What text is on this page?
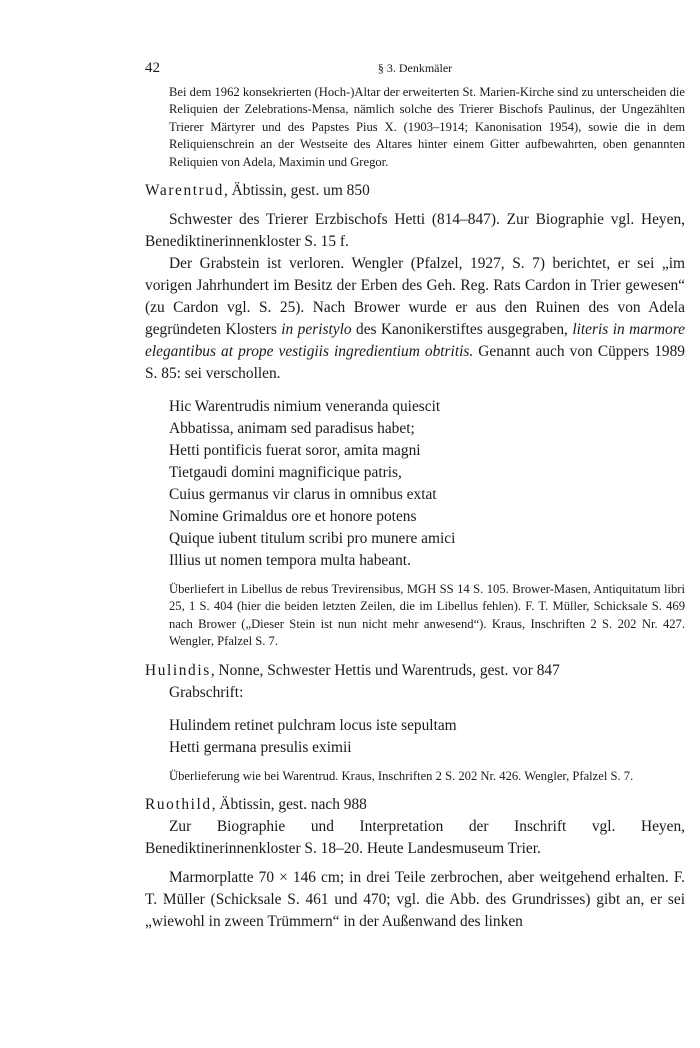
42	§ 3. Denkmäler

Bei dem 1962 konsekrierten (Hoch-)Altar der erweiterten St. Marien-Kirche sind zu unterscheiden die Reliquien der Zelebrations-Mensa, nämlich solche des Trierer Bischofs Paulinus, der Ungezählten Trierer Märtyrer und des Papstes Pius X. (1903–1914; Kanonisation 1954), sowie die in dem Reliquienschrein an der Westseite des Altares hinter einem Gitter aufbewahrten, oben genannten Reliquien von Adela, Maximin und Gregor.

Warentrud, Äbtissin, gest. um 850

Schwester des Trierer Erzbischofs Hetti (814–847). Zur Biographie vgl. Heyen, Benediktinerinnenkloster S. 15 f.

Der Grabstein ist verloren. Wengler (Pfalzel, 1927, S. 7) berichtet, er sei „im vorigen Jahrhundert im Besitz der Erben des Geh. Reg. Rats Cardon in Trier gewesen“ (zu Cardon vgl. S. 25). Nach Brower wurde er aus den Ruinen des von Adela gegründeten Klosters in peristylo des Kanonikerstiftes ausgegraben, literis in marmore elegantibus at prope vestigiis ingredientium obtritis. Genannt auch von Cüppers 1989 S. 85: sei verschollen.

Hic Warentrudis nimium veneranda quiescit
Abbatissa, animam sed paradisus habet;
Hetti pontificis fuerat soror, amita magni
Tietgaudi domini magnificique patris,
Cuius germanus vir clarus in omnibus extat
Nomine Grimaldus ore et honore potens
Quique iubent titulum scribi pro munere amici
Illius ut nomen tempora multa habeant.

Überliefert in Libellus de rebus Trevirensibus, MGH SS 14 S. 105. Brower-Masen, Antiquitatum libri 25, 1 S. 404 (hier die beiden letzten Zeilen, die im Libellus fehlen). F. T. Müller, Schicksale S. 469 nach Brower („Dieser Stein ist nun nicht mehr anwesend“). Kraus, Inschriften 2 S. 202 Nr. 427. Wengler, Pfalzel S. 7.

Hulindis, Nonne, Schwester Hettis und Warentruds, gest. vor 847
Grabschrift:
Hulindem retinet pulchram locus iste sepultam
Hetti germana presulis eximii

Überlieferung wie bei Warentrud. Kraus, Inschriften 2 S. 202 Nr. 426. Wengler, Pfalzel S. 7.

Ruothild, Äbtissin, gest. nach 988

Zur Biographie und Interpretation der Inschrift vgl. Heyen, Benediktinerinnenkloster S. 18–20. Heute Landesmuseum Trier.

Marmorplatte 70 × 146 cm; in drei Teile zerbrochen, aber weitgehend erhalten. F. T. Müller (Schicksale S. 461 und 470; vgl. die Abb. des Grundrisses) gibt an, er sei „wiewohl in zween Trümmern“ in der Außenwand des linken
